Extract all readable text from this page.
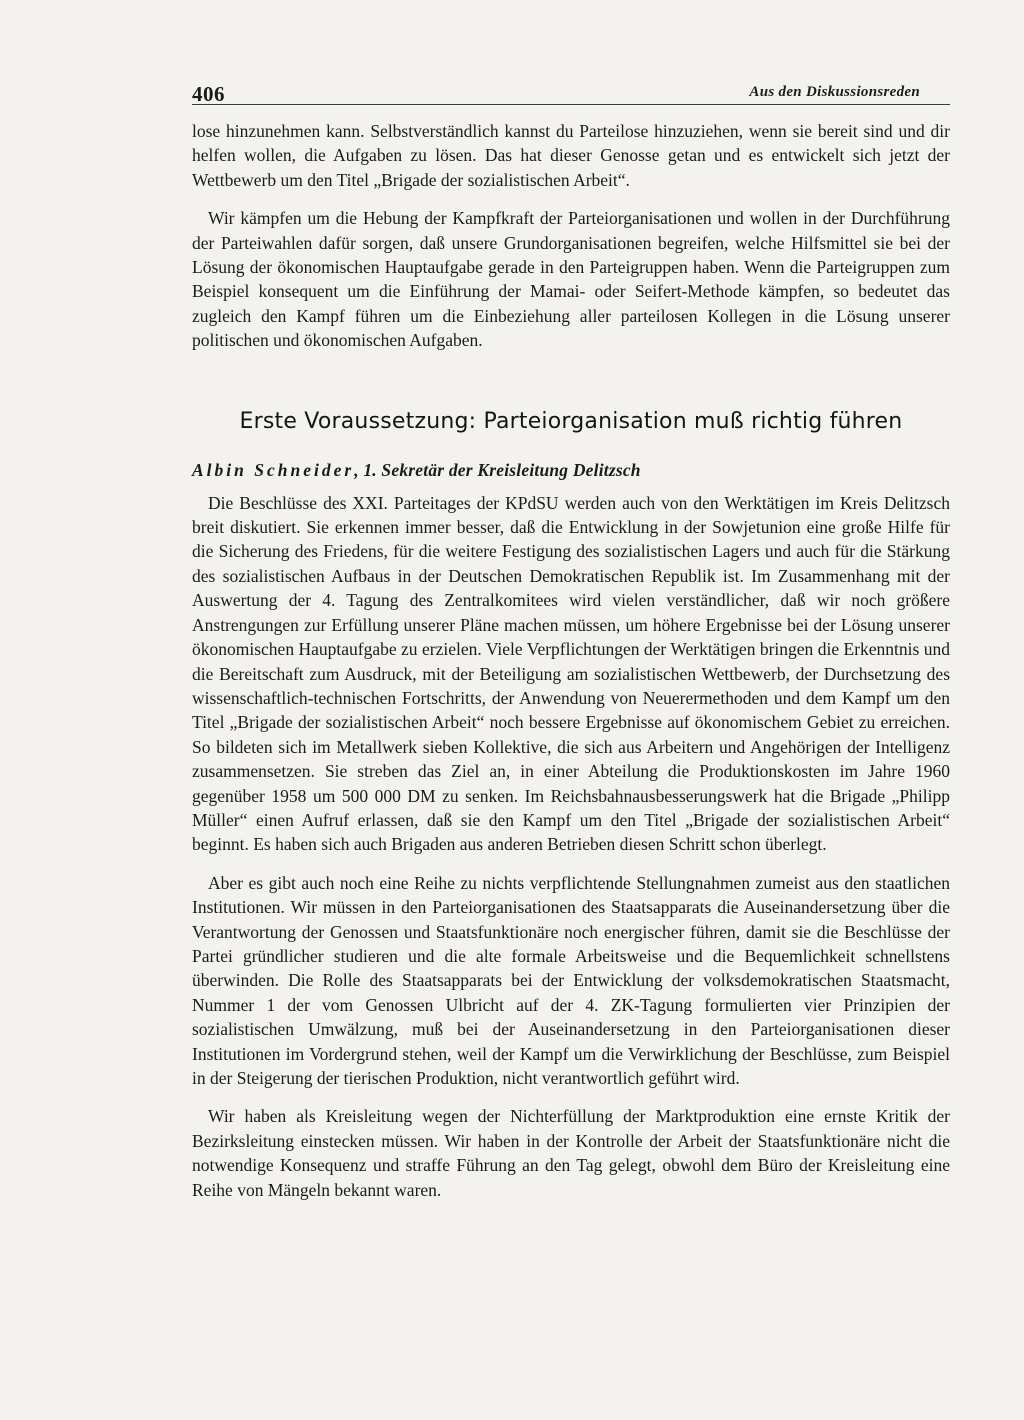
406	Aus den Diskussionsreden

lose hinzunehmen kann. Selbstverständlich kannst du Parteilose hinzuziehen, wenn sie bereit sind und dir helfen wollen, die Aufgaben zu lösen. Das hat dieser Genosse getan und es entwickelt sich jetzt der Wettbewerb um den Titel „Brigade der sozialistischen Arbeit“.

Wir kämpfen um die Hebung der Kampfkraft der Parteiorganisationen und wollen in der Durchführung der Parteiwahlen dafür sorgen, daß unsere Grundorganisationen begreifen, welche Hilfsmittel sie bei der Lösung der ökonomischen Hauptaufgabe gerade in den Parteigruppen haben. Wenn die Parteigruppen zum Beispiel konsequent um die Einführung der Mamai- oder Seifert-Methode kämpfen, so bedeutet das zugleich den Kampf führen um die Einbeziehung aller parteilosen Kollegen in die Lösung unserer politischen und ökonomischen Aufgaben.

Erste Voraussetzung: Parteiorganisation muß richtig führen
Albin Schneider, 1. Sekretär der Kreisleitung Delitzsch

Die Beschlüsse des XXI. Parteitages der KPdSU werden auch von den Werktätigen im Kreis Delitzsch breit diskutiert. Sie erkennen immer besser, daß die Entwicklung in der Sowjetunion eine große Hilfe für die Sicherung des Friedens, für die weitere Festigung des sozialistischen Lagers und auch für die Stärkung des sozialistischen Aufbaus in der Deutschen Demokratischen Republik ist. Im Zusammenhang mit der Auswertung der 4. Tagung des Zentralkomitees wird vielen verständlicher, daß wir noch größere Anstrengungen zur Erfüllung unserer Pläne machen müssen, um höhere Ergebnisse bei der Lösung unserer ökonomischen Hauptaufgabe zu erzielen. Viele Verpflichtungen der Werktätigen bringen die Erkenntnis und die Bereitschaft zum Ausdruck, mit der Beteiligung am sozialistischen Wettbewerb, der Durchsetzung des wissenschaftlich-technischen Fortschritts, der Anwendung von Neuerermethoden und dem Kampf um den Titel „Brigade der sozialistischen Arbeit“ noch bessere Ergebnisse auf ökonomischem Gebiet zu erreichen. So bildeten sich im Metallwerk sieben Kollektive, die sich aus Arbeitern und Angehörigen der Intelligenz zusammensetzen. Sie streben das Ziel an, in einer Abteilung die Produktionskosten im Jahre 1960 gegenüber 1958 um 500 000 DM zu senken. Im Reichsbahnausbesserungswerk hat die Brigade „Philipp Müller“ einen Aufruf erlassen, daß sie den Kampf um den Titel „Brigade der sozialistischen Arbeit“ beginnt. Es haben sich auch Brigaden aus anderen Betrieben diesen Schritt schon überlegt.

Aber es gibt auch noch eine Reihe zu nichts verpflichtende Stellungnahmen zumeist aus den staatlichen Institutionen. Wir müssen in den Parteiorganisationen des Staatsapparats die Auseinandersetzung über die Verantwortung der Genossen und Staatsfunktionäre noch energischer führen, damit sie die Beschlüsse der Partei gründlicher studieren und die alte formale Arbeitsweise und die Bequemlichkeit schnellstens überwinden. Die Rolle des Staatsapparats bei der Entwicklung der volksdemokratischen Staatsmacht, Nummer 1 der vom Genossen Ulbricht auf der 4. ZK-Tagung formulierten vier Prinzipien der sozialistischen Umwälzung, muß bei der Auseinandersetzung in den Parteiorganisationen dieser Institutionen im Vordergrund stehen, weil der Kampf um die Verwirklichung der Beschlüsse, zum Beispiel in der Steigerung der tierischen Produktion, nicht verantwortlich geführt wird.

Wir haben als Kreisleitung wegen der Nichterfüllung der Marktproduktion eine ernste Kritik der Bezirksleitung einstecken müssen. Wir haben in der Kontrolle der Arbeit der Staatsfunktionäre nicht die notwendige Konsequenz und straffe Führung an den Tag gelegt, obwohl dem Büro der Kreisleitung eine Reihe von Mängeln bekannt waren.
